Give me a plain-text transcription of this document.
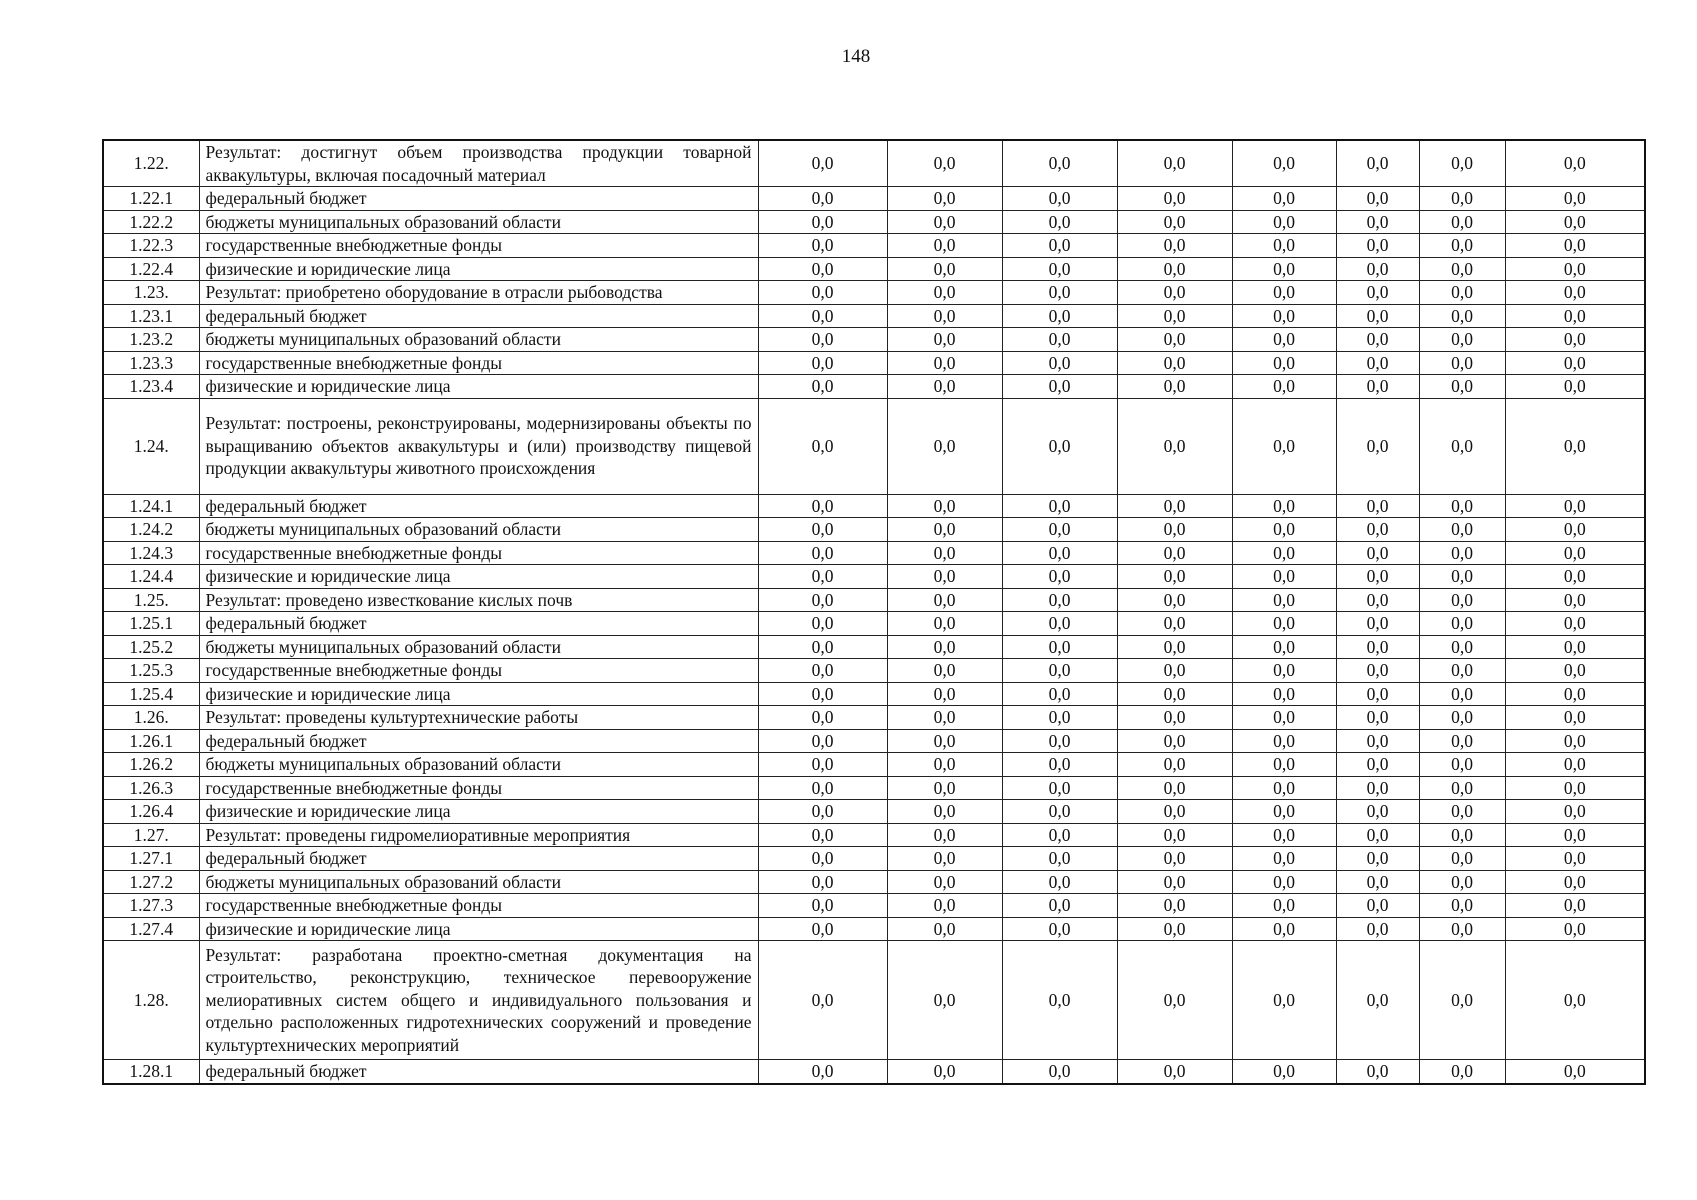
148
1.22.	Результат: достигнут объем производства продукции товарной аквакультуры, включая посадочный материал	0,0	0,0	0,0	0,0	0,0	0,0	0,0	0,0
1.22.1	федеральный бюджет	0,0	0,0	0,0	0,0	0,0	0,0	0,0	0,0
1.22.2	бюджеты муниципальных образований области	0,0	0,0	0,0	0,0	0,0	0,0	0,0	0,0
1.22.3	государственные внебюджетные фонды	0,0	0,0	0,0	0,0	0,0	0,0	0,0	0,0
1.22.4	физические и юридические лица	0,0	0,0	0,0	0,0	0,0	0,0	0,0	0,0
1.23.	Результат: приобретено оборудование в отрасли рыбоводства	0,0	0,0	0,0	0,0	0,0	0,0	0,0	0,0
1.23.1	федеральный бюджет	0,0	0,0	0,0	0,0	0,0	0,0	0,0	0,0
1.23.2	бюджеты муниципальных образований области	0,0	0,0	0,0	0,0	0,0	0,0	0,0	0,0
1.23.3	государственные внебюджетные фонды	0,0	0,0	0,0	0,0	0,0	0,0	0,0	0,0
1.23.4	физические и юридические лица	0,0	0,0	0,0	0,0	0,0	0,0	0,0	0,0
1.24.	Результат: построены, реконструированы, модернизированы объекты по выращиванию объектов аквакультуры и (или) производству пищевой продукции аквакультуры животного происхождения	0,0	0,0	0,0	0,0	0,0	0,0	0,0	0,0
1.24.1	федеральный бюджет	0,0	0,0	0,0	0,0	0,0	0,0	0,0	0,0
1.24.2	бюджеты муниципальных образований области	0,0	0,0	0,0	0,0	0,0	0,0	0,0	0,0
1.24.3	государственные внебюджетные фонды	0,0	0,0	0,0	0,0	0,0	0,0	0,0	0,0
1.24.4	физические и юридические лица	0,0	0,0	0,0	0,0	0,0	0,0	0,0	0,0
1.25.	Результат: проведено известкование кислых почв	0,0	0,0	0,0	0,0	0,0	0,0	0,0	0,0
1.25.1	федеральный бюджет	0,0	0,0	0,0	0,0	0,0	0,0	0,0	0,0
1.25.2	бюджеты муниципальных образований области	0,0	0,0	0,0	0,0	0,0	0,0	0,0	0,0
1.25.3	государственные внебюджетные фонды	0,0	0,0	0,0	0,0	0,0	0,0	0,0	0,0
1.25.4	физические и юридические лица	0,0	0,0	0,0	0,0	0,0	0,0	0,0	0,0
1.26.	Результат: проведены культуртехнические работы	0,0	0,0	0,0	0,0	0,0	0,0	0,0	0,0
1.26.1	федеральный бюджет	0,0	0,0	0,0	0,0	0,0	0,0	0,0	0,0
1.26.2	бюджеты муниципальных образований области	0,0	0,0	0,0	0,0	0,0	0,0	0,0	0,0
1.26.3	государственные внебюджетные фонды	0,0	0,0	0,0	0,0	0,0	0,0	0,0	0,0
1.26.4	физические и юридические лица	0,0	0,0	0,0	0,0	0,0	0,0	0,0	0,0
1.27.	Результат: проведены гидромелиоративные мероприятия	0,0	0,0	0,0	0,0	0,0	0,0	0,0	0,0
1.27.1	федеральный бюджет	0,0	0,0	0,0	0,0	0,0	0,0	0,0	0,0
1.27.2	бюджеты муниципальных образований области	0,0	0,0	0,0	0,0	0,0	0,0	0,0	0,0
1.27.3	государственные внебюджетные фонды	0,0	0,0	0,0	0,0	0,0	0,0	0,0	0,0
1.27.4	физические и юридические лица	0,0	0,0	0,0	0,0	0,0	0,0	0,0	0,0
1.28.	Результат: разработана проектно-сметная документация на строительство, реконструкцию, техническое перевооружение мелиоративных систем общего и индивидуального пользования и отдельно расположенных гидротехнических сооружений и проведение культуртехнических мероприятий	0,0	0,0	0,0	0,0	0,0	0,0	0,0	0,0
1.28.1	федеральный бюджет	0,0	0,0	0,0	0,0	0,0	0,0	0,0	0,0
